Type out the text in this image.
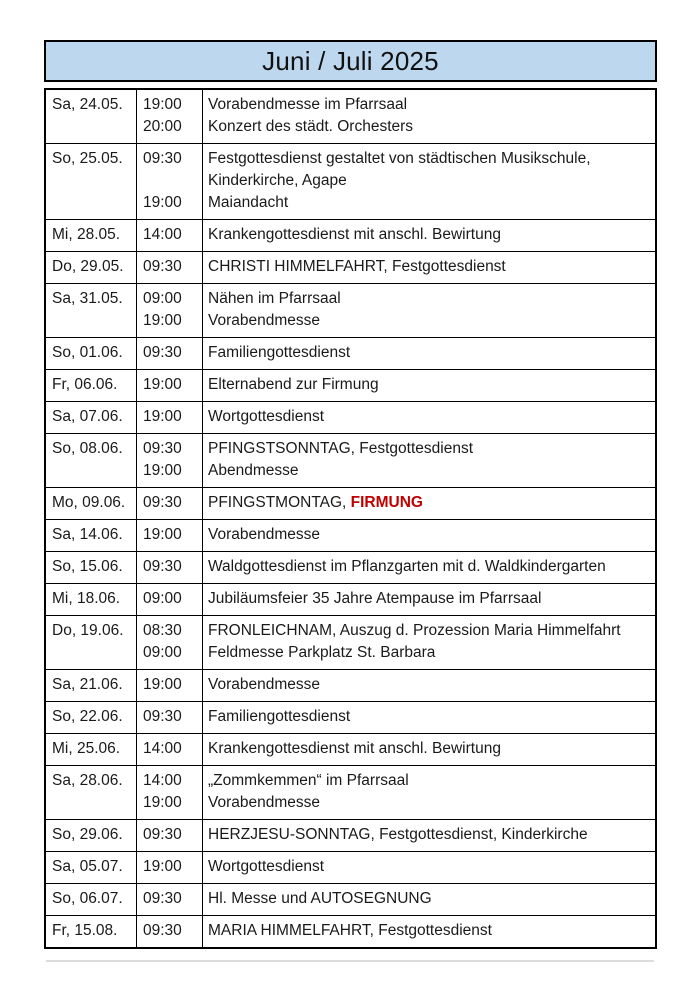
Juni / Juli 2025
Sa, 24.05.	19:00	Vorabendmesse im Pfarrsaal
20:00	Konzert des städt. Orchesters
So, 25.05.	09:30	Festgottesdienst gestaltet von städtischen Musikschule, Kinderkirche, Agape
19:00	Maiandacht
Mi, 28.05.	14:00	Krankengottesdienst mit anschl. Bewirtung
Do, 29.05.	09:30	CHRISTI HIMMELFAHRT, Festgottesdienst
Sa, 31.05.	09:00	Nähen im Pfarrsaal
19:00	Vorabendmesse
So, 01.06.	09:30	Familiengottesdienst
Fr, 06.06.	19:00	Elternabend zur Firmung
Sa, 07.06.	19:00	Wortgottesdienst
So, 08.06.	09:30	PFINGSTSONNTAG, Festgottesdienst
19:00	Abendmesse
Mo, 09.06.	09:30	PFINGSTMONTAG, FIRMUNG
Sa, 14.06.	19:00	Vorabendmesse
So, 15.06.	09:30	Waldgottesdienst im Pflanzgarten mit d. Waldkindergarten
Mi, 18.06.	09:00	Jubiläumsfeier 35 Jahre Atempause im Pfarrsaal
Do, 19.06.	08:30	FRONLEICHNAM, Auszug d. Prozession Maria Himmelfahrt
09:00	Feldmesse Parkplatz St. Barbara
Sa, 21.06.	19:00	Vorabendmesse
So, 22.06.	09:30	Familiengottesdienst
Mi, 25.06.	14:00	Krankengottesdienst mit anschl. Bewirtung
Sa, 28.06.	14:00	„Zommkemmen“ im Pfarrsaal
19:00	Vorabendmesse
So, 29.06.	09:30	HERZJESU-SONNTAG, Festgottesdienst, Kinderkirche
Sa, 05.07.	19:00	Wortgottesdienst
So, 06.07.	09:30	Hl. Messe und AUTOSEGNUNG
Fr, 15.08.	09:30	MARIA HIMMELFAHRT, Festgottesdienst
